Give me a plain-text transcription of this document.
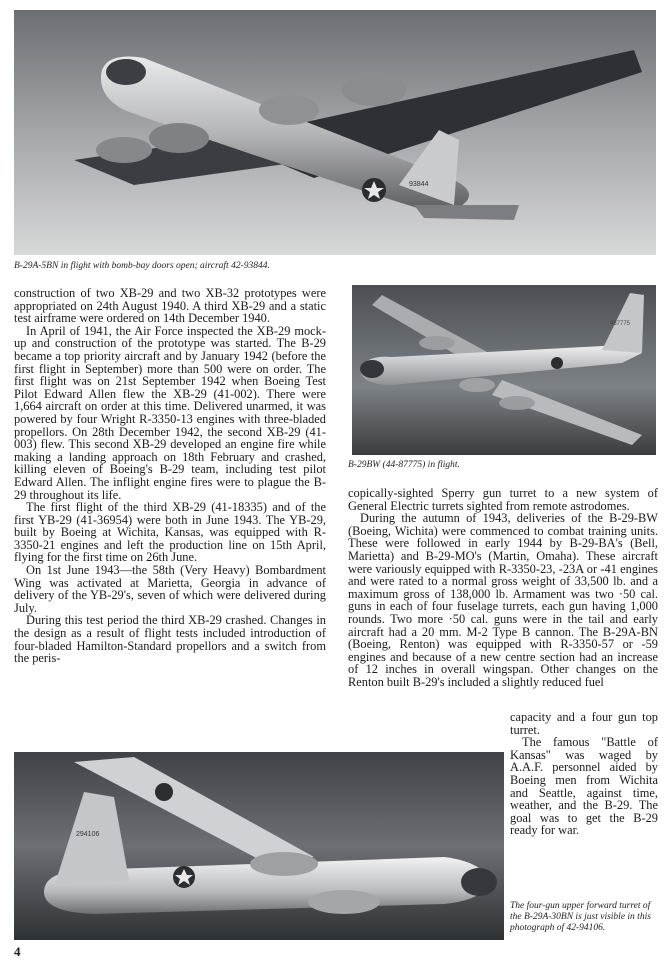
93844
B-29A-5BN in flight with bomb-bay doors open; aircraft 42-93844.
487775
B-29BW (44-87775) in flight.

construction of two XB-29 and two XB-32 prototypes were appropriated on 24th August 1940. A third XB-29 and a static test airframe were ordered on 14th December 1940.

In April of 1941, the Air Force inspected the XB-29 mock-up and construction of the prototype was started. The B-29 became a top priority aircraft and by January 1942 (before the first flight in September) more than 500 were on order. The first flight was on 21st September 1942 when Boeing Test Pilot Edward Allen flew the XB-29 (41-002). There were 1,664 aircraft on order at this time. Delivered unarmed, it was powered by four Wright R-3350-13 engines with three-bladed propellors. On 28th December 1942, the second XB-29 (41-003) flew. This second XB-29 developed an engine fire while making a landing approach on 18th February and crashed, killing eleven of Boeing's B-29 team, including test pilot Edward Allen. The inflight engine fires were to plague the B-29 throughout its life.

The first flight of the third XB-29 (41-18335) and of the first YB-29 (41-36954) were both in June 1943. The YB-29, built by Boeing at Wichita, Kansas, was equipped with R-3350-21 engines and left the production line on 15th April, flying for the first time on 26th June.

On 1st June 1943—the 58th (Very Heavy) Bombardment Wing was activated at Marietta, Georgia in advance of delivery of the YB-29's, seven of which were delivered during July.

During this test period the third XB-29 crashed. Changes in the design as a result of flight tests included introduction of four-bladed Hamilton-Standard propellors and a switch from the peris-

copically-sighted Sperry gun turret to a new system of General Electric turrets sighted from remote astrodomes.

During the autumn of 1943, deliveries of the B-29-BW (Boeing, Wichita) were commenced to combat training units. These were followed in early 1944 by B-29-BA's (Bell, Marietta) and B-29-MO's (Martin, Omaha). These aircraft were variously equipped with R-3350-23, -23A or -41 engines and were rated to a normal gross weight of 33,500 lb. and a maximum gross of 138,000 lb. Armament was two ·50 cal. guns in each of four fuselage turrets, each gun having 1,000 rounds. Two more ·50 cal. guns were in the tail and early aircraft had a 20 mm. M-2 Type B cannon. The B-29A-BN (Boeing, Renton) was equipped with R-3350-57 or -59 engines and because of a new centre section had an increase of 12 inches in overall wingspan. Other changes on the Renton built B-29's included a slightly reduced fuel

294106

capacity and a four gun top turret.

The famous "Battle of Kansas" was waged by A.A.F. personnel aided by Boeing men from Wichita and Seattle, against time, weather, and the B-29. The goal was to get the B-29 ready for war.

The four-gun upper forward turret of the B-29A-30BN is just visible in this photograph of 42-94106.
4
